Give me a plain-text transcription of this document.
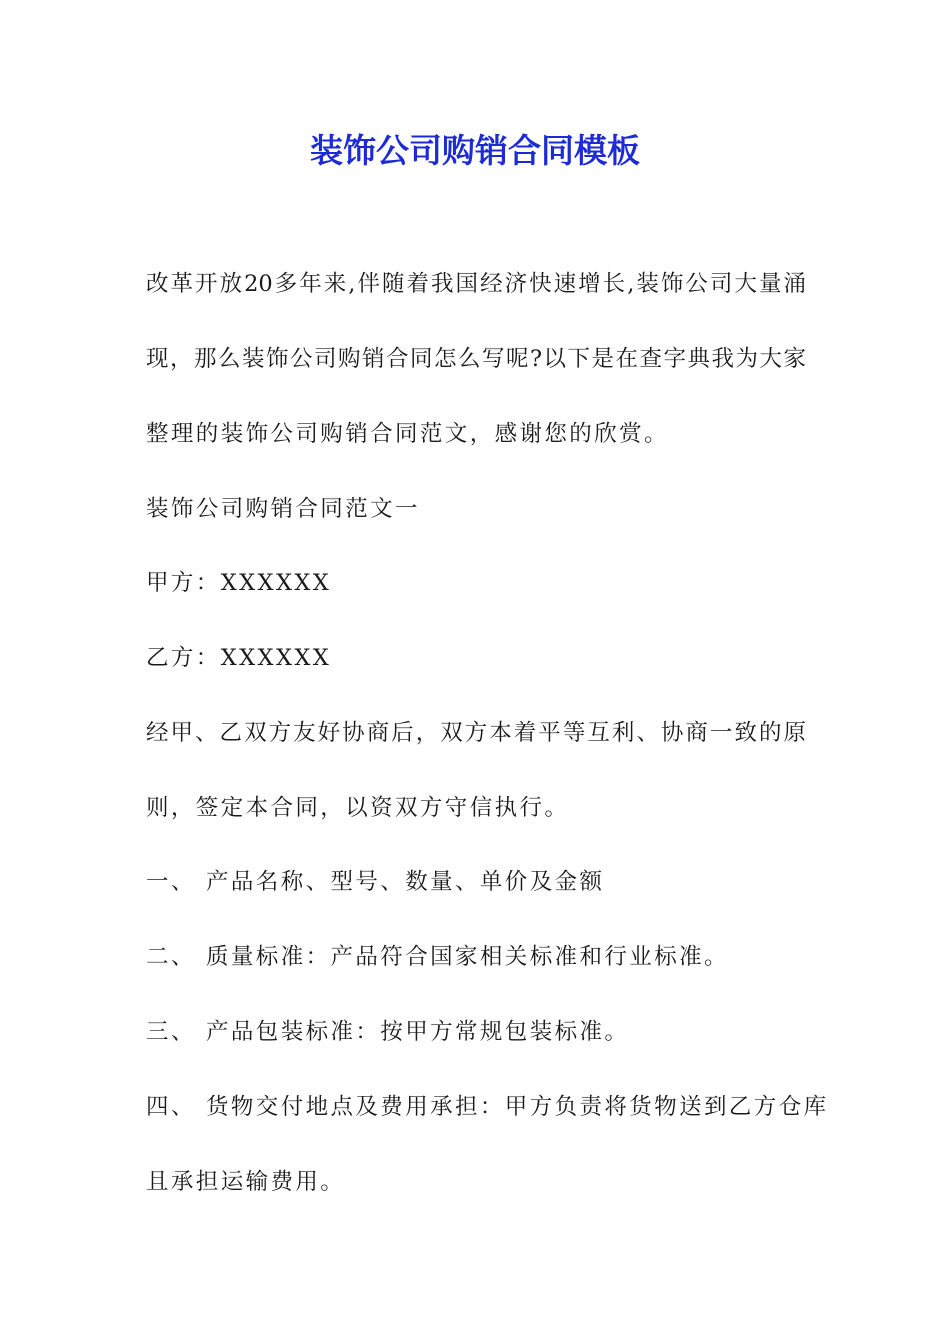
装饰公司购销合同模板
改革开放20多年来,伴随着我国经济快速增长,装饰公司大量涌
现，那么装饰公司购销合同怎么写呢?以下是在查字典我为大家
整理的装饰公司购销合同范文，感谢您的欣赏。
装饰公司购销合同范文一
甲方：XXXXXX
乙方：XXXXXX
经甲、乙双方友好协商后，双方本着平等互利、协商一致的原
则，签定本合同，以资双方守信执行。
一、 产品名称、型号、数量、单价及金额
二、 质量标准：产品符合国家相关标准和行业标准。
三、 产品包装标准：按甲方常规包装标准。
四、 货物交付地点及费用承担：甲方负责将货物送到乙方仓库
且承担运输费用。
